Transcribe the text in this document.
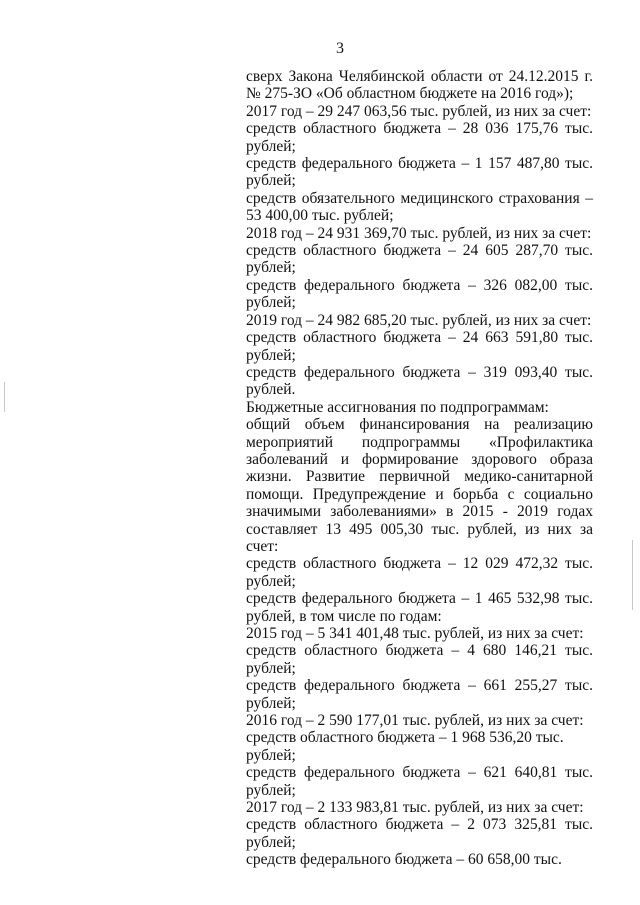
3

сверх Закона Челябинской области от 24.12.2015 г. № 275-ЗО «Об областном бюджете на 2016 год»);

2017 год – 29 247 063,56 тыс. рублей, из них за счет:

средств областного бюджета – 28 036 175,76 тыс. рублей;

средств федерального бюджета – 1 157 487,80 тыс. рублей;

средств обязательного медицинского страхования – 53 400,00 тыс. рублей;

2018 год – 24 931 369,70 тыс. рублей, из них за счет:

средств областного бюджета – 24 605 287,70 тыс. рублей;

средств федерального бюджета – 326 082,00 тыс. рублей;

2019 год – 24 982 685,20 тыс. рублей, из них за счет:

средств областного бюджета – 24 663 591,80 тыс. рублей;

средств федерального бюджета – 319 093,40 тыс. рублей.

Бюджетные ассигнования по подпрограммам:

общий объем финансирования на реализацию мероприятий подпрограммы «Профилактика заболеваний и формирование здорового образа жизни. Развитие первичной медико-санитарной помощи. Предупреждение и борьба с социально значимыми заболеваниями» в 2015 - 2019 годах составляет 13 495 005,30 тыс. рублей, из них за счет:

средств областного бюджета – 12 029 472,32 тыс. рублей;

средств федерального бюджета – 1 465 532,98 тыс. рублей, в том числе по годам:

2015 год – 5 341 401,48 тыс. рублей, из них за счет:

средств областного бюджета – 4 680 146,21 тыс. рублей;

средств федерального бюджета – 661 255,27 тыс. рублей;

2016 год – 2 590 177,01 тыс. рублей, из них за счет:

средств областного бюджета – 1 968 536,20 тыс. рублей;

средств федерального бюджета – 621 640,81 тыс. рублей;

2017 год – 2 133 983,81 тыс. рублей, из них за счет:

средств областного бюджета – 2 073 325,81 тыс. рублей;

средств федерального бюджета – 60 658,00 тыс.
